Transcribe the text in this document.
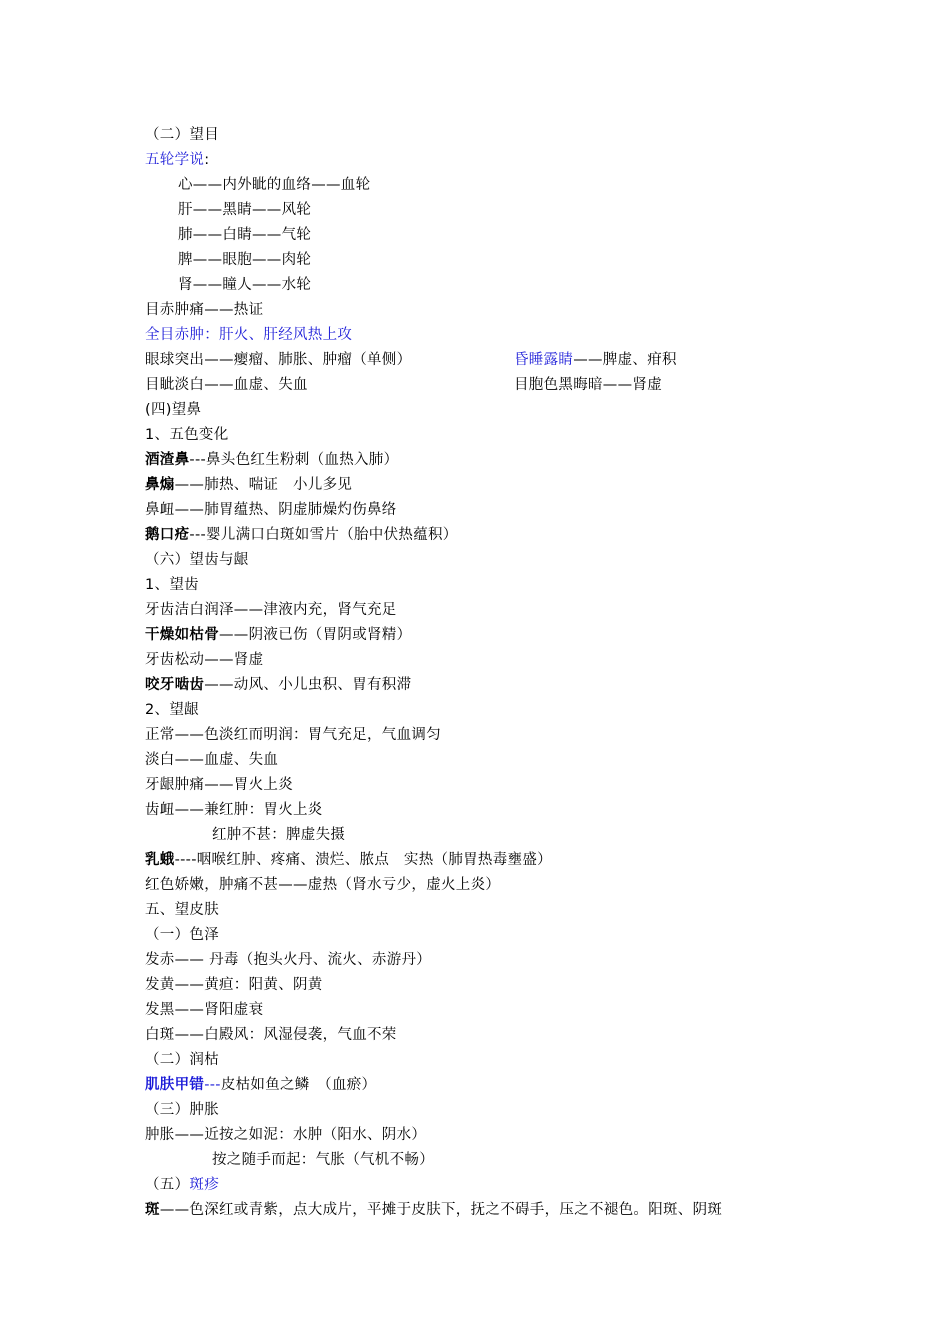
（二）望目
五轮学说:
心——内外眦的血络——血轮
肝——黑睛——风轮
肺——白睛——气轮
脾——眼胞——肉轮
肾——瞳人——水轮
目赤肿痛——热证
全目赤肿：肝火、肝经风热上攻
眼球突出——瘿瘤、肺胀、肿瘤（单侧）	昏睡露睛——脾虚、疳积
目眦淡白——血虚、失血	目胞色黑晦暗——肾虚
(四)望鼻
1、五色变化
酒渣鼻---鼻头色红生粉刺（血热入肺）
鼻煽——肺热、喘证　小儿多见
鼻衄——肺胃蕴热、阴虚肺燥灼伤鼻络
鹅口疮---婴儿满口白斑如雪片（胎中伏热蕴积）
（六）望齿与龈
1、望齿
牙齿洁白润泽——津液内充，肾气充足
干燥如枯骨——阴液已伤（胃阴或肾精）
牙齿松动——肾虚
咬牙啮齿——动风、小儿虫积、胃有积滞
2、望龈
正常——色淡红而明润：胃气充足，气血调匀
淡白——血虚、失血
牙龈肿痛——胃火上炎
齿衄——兼红肿：胃火上炎
红肿不甚：脾虚失摄
乳蛾----咽喉红肿、疼痛、溃烂、脓点　实热（肺胃热毒壅盛）
红色娇嫩，肿痛不甚——虚热（肾水亏少，虚火上炎）
五、望皮肤
（一）色泽
发赤—— 丹毒（抱头火丹、流火、赤游丹）
发黄——黄疸：阳黄、阴黄
发黑——肾阳虚衰
白斑——白殿风：风湿侵袭，气血不荣
（二）润枯
肌肤甲错---皮枯如鱼之鳞　（血瘀）
（三）肿胀
肿胀——近按之如泥：水肿（阳水、阴水）
按之随手而起：气胀（气机不畅）
（五）斑疹
斑——色深红或青紫，点大成片，平摊于皮肤下，抚之不碍手，压之不褪色。阳斑、阴斑
